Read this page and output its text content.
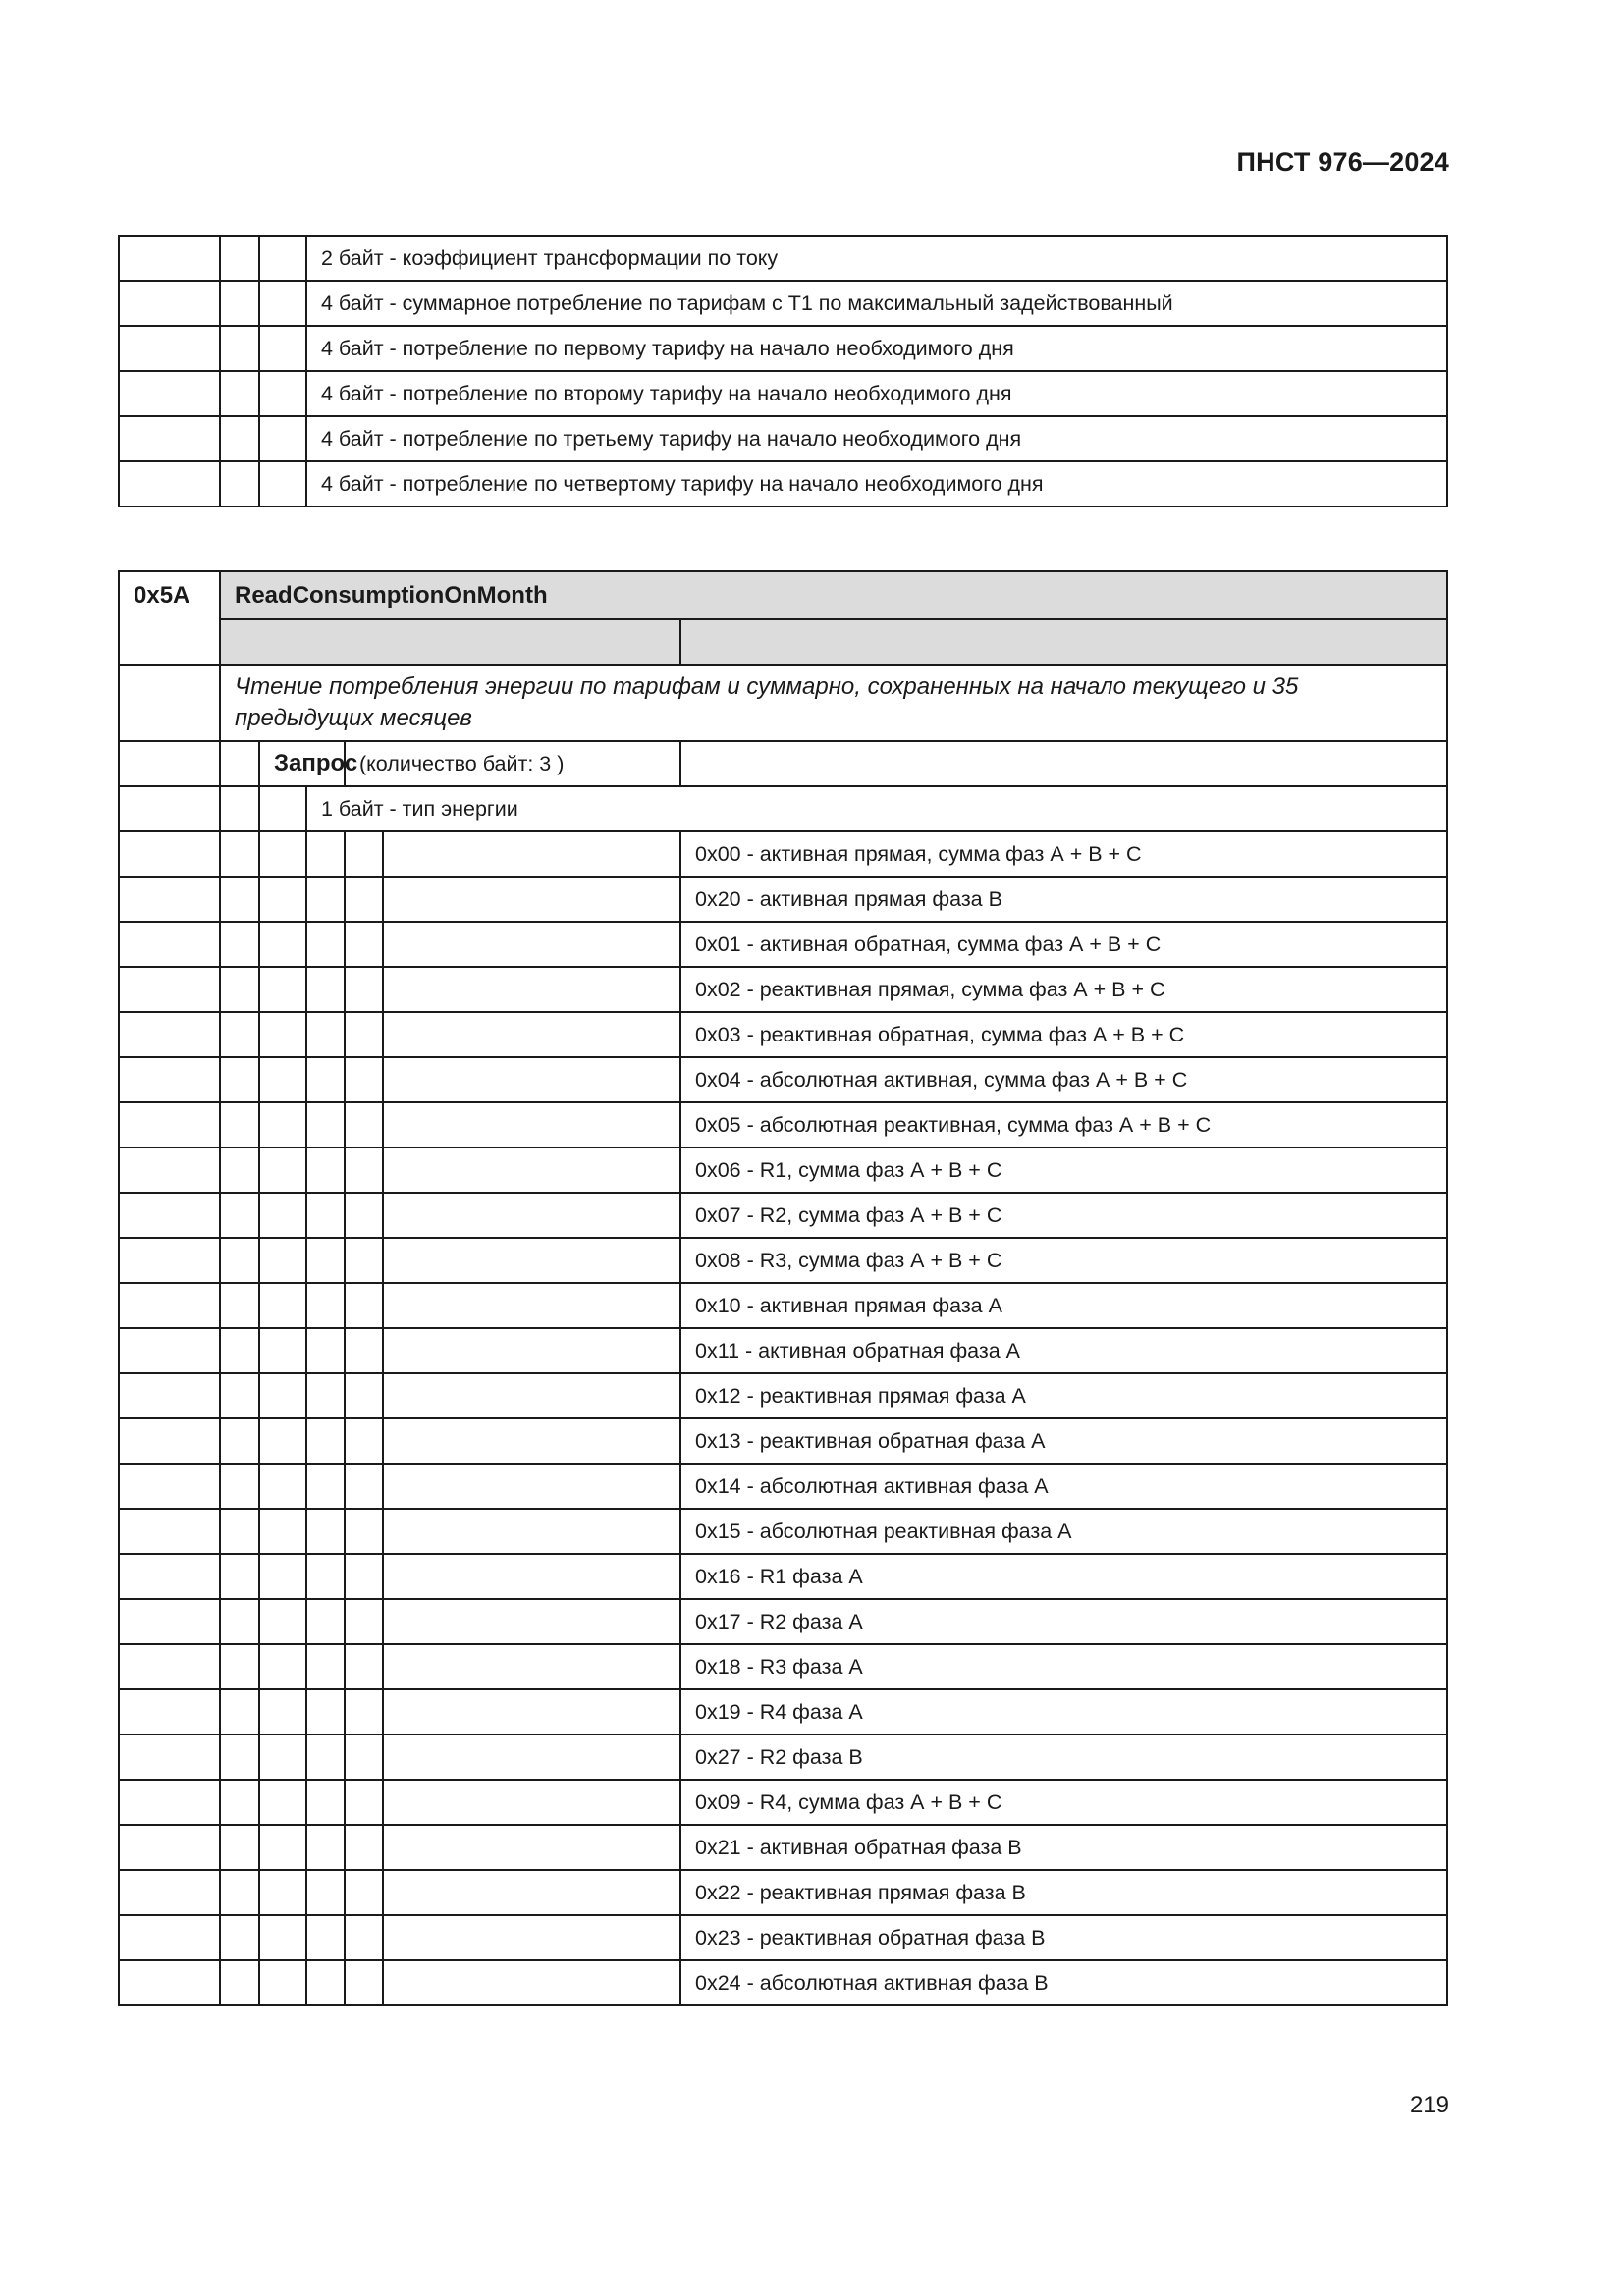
ПНСТ 976—2024
			2 байт - коэффициент трансформации по току
			4 байт - суммарное потребление по тарифам с Т1 по максимальный задействованный
			4 байт - потребление по первому тарифу на начало необходимого дня
			4 байт - потребление по второму тарифу на начало необходимого дня
			4 байт - потребление по третьему тарифу на начало необходимого дня
			4 байт - потребление по четвертому тарифу на начало необходимого дня
0x5A	ReadConsumptionOnMonth					

	Чтение потребления энергии по тарифам и суммарно, сохраненных на начало текущего и 35 предыдущих месяцев					
		Запрос		(количество байт: 3 )		
			1 байт - тип энергии			
						0x00 - активная прямая, сумма фаз А + В + С
						0x20 - активная прямая фаза В
						0x01 - активная обратная, сумма фаз А + В + С
						0x02 - реактивная прямая, сумма фаз А + В + С
						0x03 - реактивная обратная, сумма фаз А + В + С
						0x04 - абсолютная активная, сумма фаз А + В + С
						0x05 - абсолютная реактивная, сумма фаз А + В + С
						0x06 - R1, сумма фаз А + В + С
						0x07 - R2, сумма фаз А + В + С
						0x08 - R3, сумма фаз А + В + С
						0x10 - активная прямая фаза А
						0x11 - активная обратная фаза А
						0x12 - реактивная прямая фаза А
						0x13 - реактивная обратная фаза А
						0x14 - абсолютная активная фаза А
						0x15 - абсолютная реактивная фаза А
						0x16 - R1 фаза А
						0x17 - R2 фаза А
						0x18 - R3 фаза А
						0x19 - R4 фаза А
						0x27 - R2 фаза В
						0x09 - R4, сумма фаз А + В + С
						0x21 - активная обратная фаза В
						0x22 - реактивная прямая фаза В
						0x23 - реактивная обратная фаза В
						0x24 - абсолютная активная фаза В
219
